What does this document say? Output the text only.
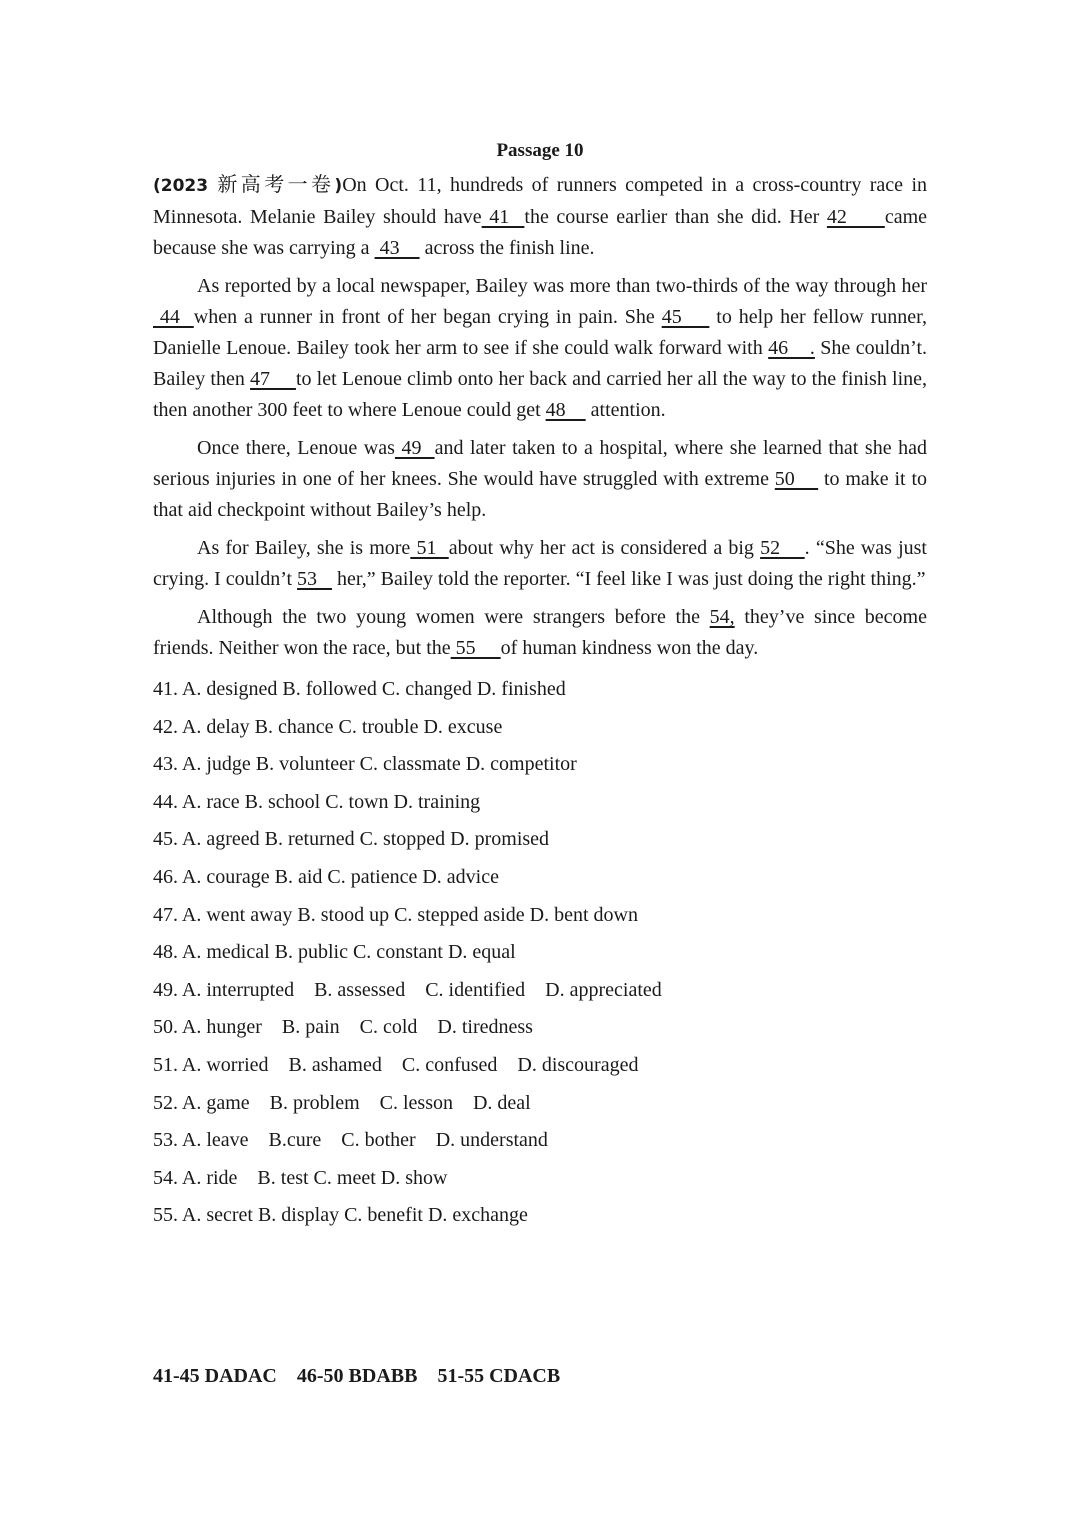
Passage 10

(2023 新高考一卷)On Oct. 11, hundreds of runners competed in a cross-country race in Minnesota. Melanie Bailey should have 41  the course earlier than she did. Her 42     came because she was carrying a  43     across the finish line.

As reported by a local newspaper, Bailey was more than two-thirds of the way through her 44  when a runner in front of her began crying in pain. She 45     to help her fellow runner, Danielle Lenoue. Bailey took her arm to see if she could walk forward with 46    . She couldn’t. Bailey then 47     to let Lenoue climb onto her back and carried her all the way to the finish line, then another 300 feet to where Lenoue could get 48     attention.

Once there, Lenoue was 49  and later taken to a hospital, where she learned that she had serious injuries in one of her knees. She would have struggled with extreme 50     to make it to that aid checkpoint without Bailey’s help.

As for Bailey, she is more 51  about why her act is considered a big 52    . “She was just crying. I couldn’t 53    her,” Bailey told the reporter. “I feel like I was just doing the right thing.”

Although the two young women were strangers before the 54, they’ve since become friends. Neither won the race, but the 55     of human kindness won the day.

41. A. designed B. followed C. changed D. finished
42. A. delay B. chance C. trouble D. excuse
43. A. judge B. volunteer C. classmate D. competitor
44. A. race B. school C. town D. training
45. A. agreed B. returned C. stopped D. promised
46. A. courage B. aid C. patience D. advice
47. A. went away B. stood up C. stepped aside D. bent down
48. A. medical B. public C. constant D. equal
49. A. interrupted    B. assessed    C. identified    D. appreciated
50. A. hunger    B. pain    C. cold    D. tiredness
51. A. worried    B. ashamed    C. confused    D. discouraged
52. A. game    B. problem    C. lesson    D. deal
53. A. leave    B.cure    C. bother    D. understand
54. A. ride    B. test C. meet D. show
55. A. secret B. display C. benefit D. exchange
41-45 DADAC    46-50 BDABB    51-55 CDACB
